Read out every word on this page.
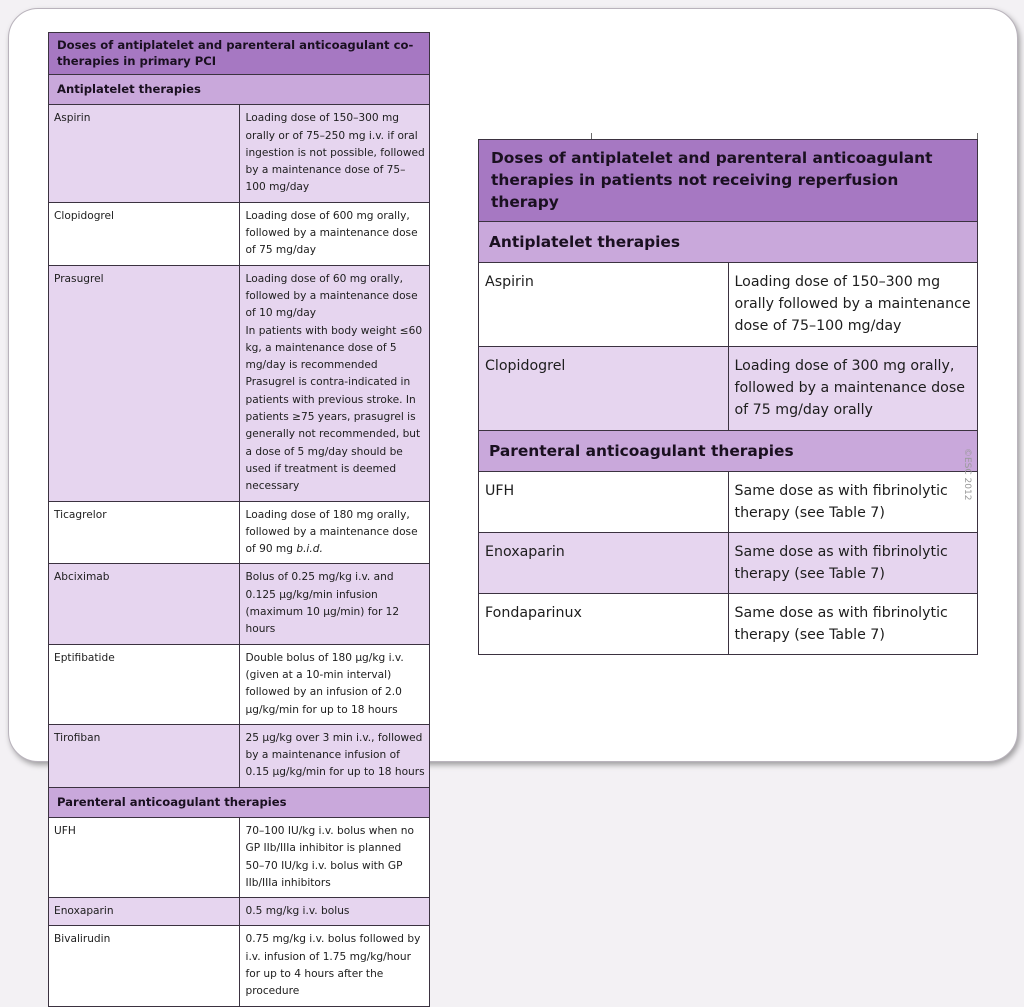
Doses of antiplatelet and parenteral anticoagulant co-therapies in primary PCI	
Antiplatelet therapies	
Aspirin	Loading dose of 150–300 mg orally or of 75–250 mg i.v. if oral ingestion is not possible, followed by a maintenance dose of 75–100 mg/day
Clopidogrel	Loading dose of 600 mg orally, followed by a maintenance dose of 75 mg/day
Prasugrel	Loading dose of 60 mg orally, followed by a maintenance dose of 10 mg/day
In patients with body weight ≤60 kg, a maintenance dose of 5 mg/day is recommended
Prasugrel is contra-indicated in patients with previous stroke. In patients ≥75 years, prasugrel is generally not recommended, but a dose of 5 mg/day should be used if treatment is deemed necessary
Ticagrelor	Loading dose of 180 mg orally, followed by a maintenance dose of 90 mg b.i.d.
Abciximab	Bolus of 0.25 mg/kg i.v. and 0.125 μg/kg/min infusion (maximum 10 μg/min) for 12 hours
Eptifibatide	Double bolus of 180 μg/kg i.v. (given at a 10-min interval) followed by an infusion of 2.0 μg/kg/min for up to 18 hours
Tirofiban	25 μg/kg over 3 min i.v., followed by a maintenance infusion of 0.15 μg/kg/min for up to 18 hours
Parenteral anticoagulant therapies	
UFH	70–100 IU/kg i.v. bolus when no GP IIb/IIIa inhibitor is planned
50–70 IU/kg i.v. bolus with GP IIb/IIIa inhibitors
Enoxaparin	0.5 mg/kg i.v. bolus
Bivalirudin	0.75 mg/kg i.v. bolus followed by i.v. infusion of 1.75 mg/kg/hour for up to 4 hours after the procedure
Doses of antiplatelet and parenteral anticoagulant therapies in patients not receiving reperfusion therapy	
Antiplatelet therapies	
Aspirin	Loading dose of 150–300 mg orally followed by a maintenance dose of 75–100 mg/day
Clopidogrel	Loading dose of 300 mg orally, followed by a maintenance dose of 75 mg/day orally
Parenteral anticoagulant therapies	
UFH	Same dose as with fibrinolytic therapy (see Table 7)
Enoxaparin	Same dose as with fibrinolytic therapy (see Table 7)
Fondaparinux	Same dose as with fibrinolytic therapy (see Table 7)
©ESC 2012
